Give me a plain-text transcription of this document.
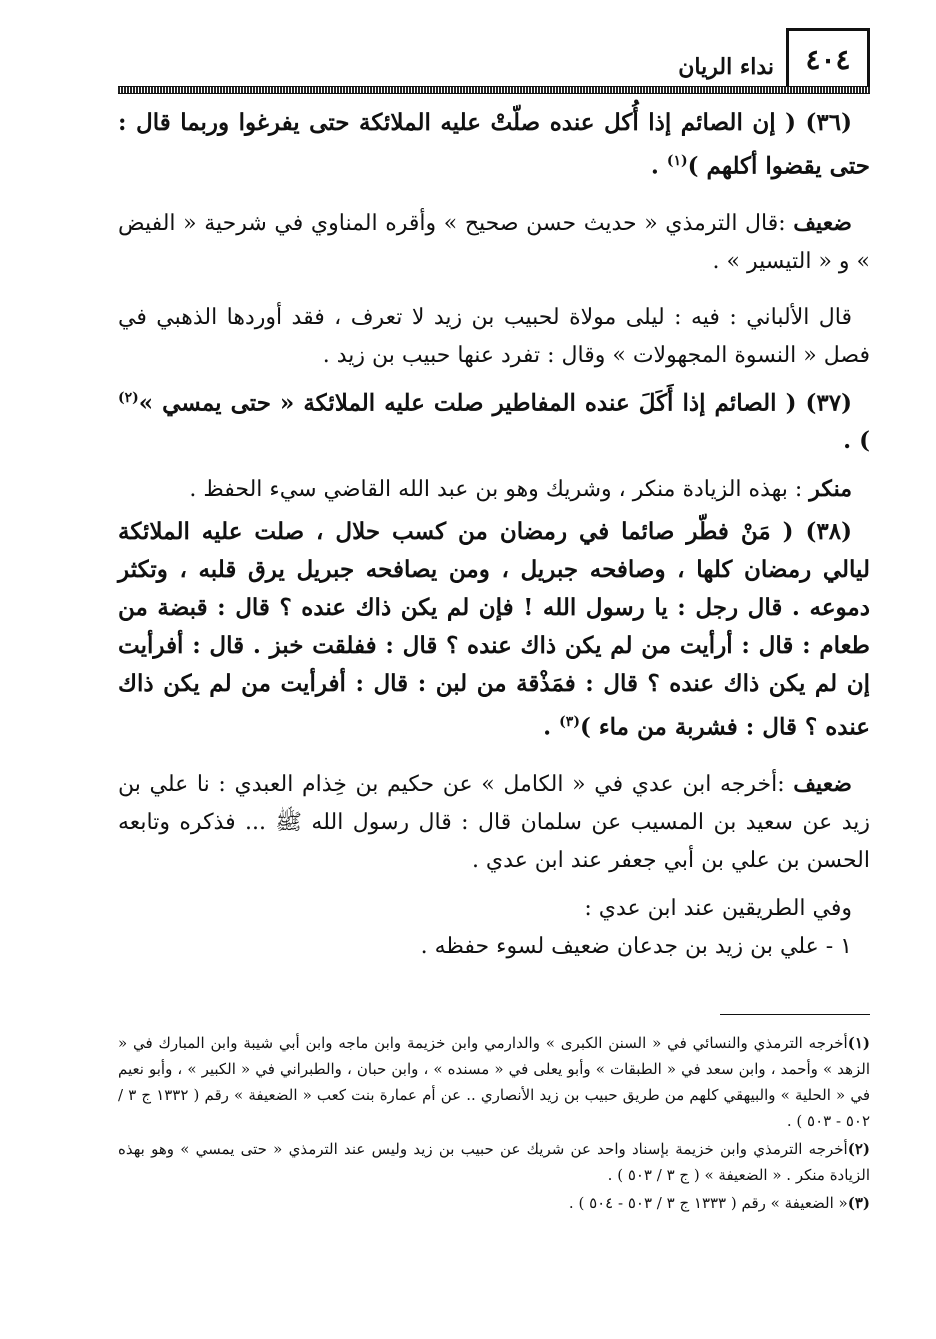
٤٠٤
نداء الريان

(٣٦) ( إن الصائم إذا أُكل عنده صلّتْ عليه الملائكة حتى يفرغوا وربما قال : حتى يقضوا أكلهم )$^{(١)}$ .

ضعيف :قال الترمذي « حديث حسن صحيح » وأقره المناوي في شرحية « الفيض » و « التيسير » .

قال الألباني : فيه : ليلى مولاة لحبيب بن زيد لا تعرف ، فقد أوردها الذهبي في فصل « النسوة المجهولات » وقال : تفرد عنها حبيب بن زيد .

(٣٧) ( الصائم إذا أَكَلَ عنده المفاطير صلت عليه الملائكة « حتى يمسي »$^{(٢)}$ ) .

منكر : بهذه الزيادة منكر ، وشريك وهو بن عبد الله القاضي سيء الحفظ .

(٣٨) ( مَنْ فطّر صائما في رمضان من كسب حلال ، صلت عليه الملائكة ليالي رمضان كلها ، وصافحه جبريل ، ومن يصافحه جبريل يرق قلبه ، وتكثر دموعه . قال رجل : يا رسول الله ! فإن لم يكن ذاك عنده ؟ قال : قبضة من طعام : قال : أرأيت من لم يكن ذاك عنده ؟ قال : ففلقت خبز . قال : أفرأيت إن لم يكن ذاك عنده ؟ قال : فمَذْقة من لبن : قال : أفرأيت من لم يكن ذاك عنده ؟ قال : فشربة من ماء )$^{(٣)}$ .

ضعيف :أخرجه ابن عدي في « الكامل » عن حكيم بن خِذام العبدي : نا علي بن زيد عن سعيد بن المسيب عن سلمان قال : قال رسول الله ﷺ ... فذكره وتابعه الحسن بن علي بن أبي جعفر عند ابن عدي .

وفي الطريقين عند ابن عدي :

١ - علي بن زيد بن جدعان ضعيف لسوء حفظه .

(١)أخرجه الترمذي والنسائي في « السنن الكبرى » والدارمي وابن خزيمة وابن ماجه وابن أبي شيبة وابن المبارك في « الزهد » وأحمد ، وابن سعد في « الطبقات » وأبو يعلى في « مسنده » ، وابن حبان ، والطبراني في « الكبير » ، وأبو نعيم في « الحلية » والبيهقي كلهم من طريق حبيب بن زيد الأنصاري .. عن أم عمارة بنت كعب « الضعيفة » رقم ( ١٣٣٢ ج ٣ / ٥٠٢ - ٥٠٣ ) .

(٢)أخرجه الترمذي وابن خزيمة بإسناد واحد عن شريك عن حبيب بن زيد وليس عند الترمذي « حتى يمسي » وهو بهذه الزيادة منكر . « الضعيفة » ( ج ٣ / ٥٠٣ ) .

(٣)« الضعيفة » رقم ( ١٣٣٣ ج ٣ / ٥٠٣ - ٥٠٤ ) .
